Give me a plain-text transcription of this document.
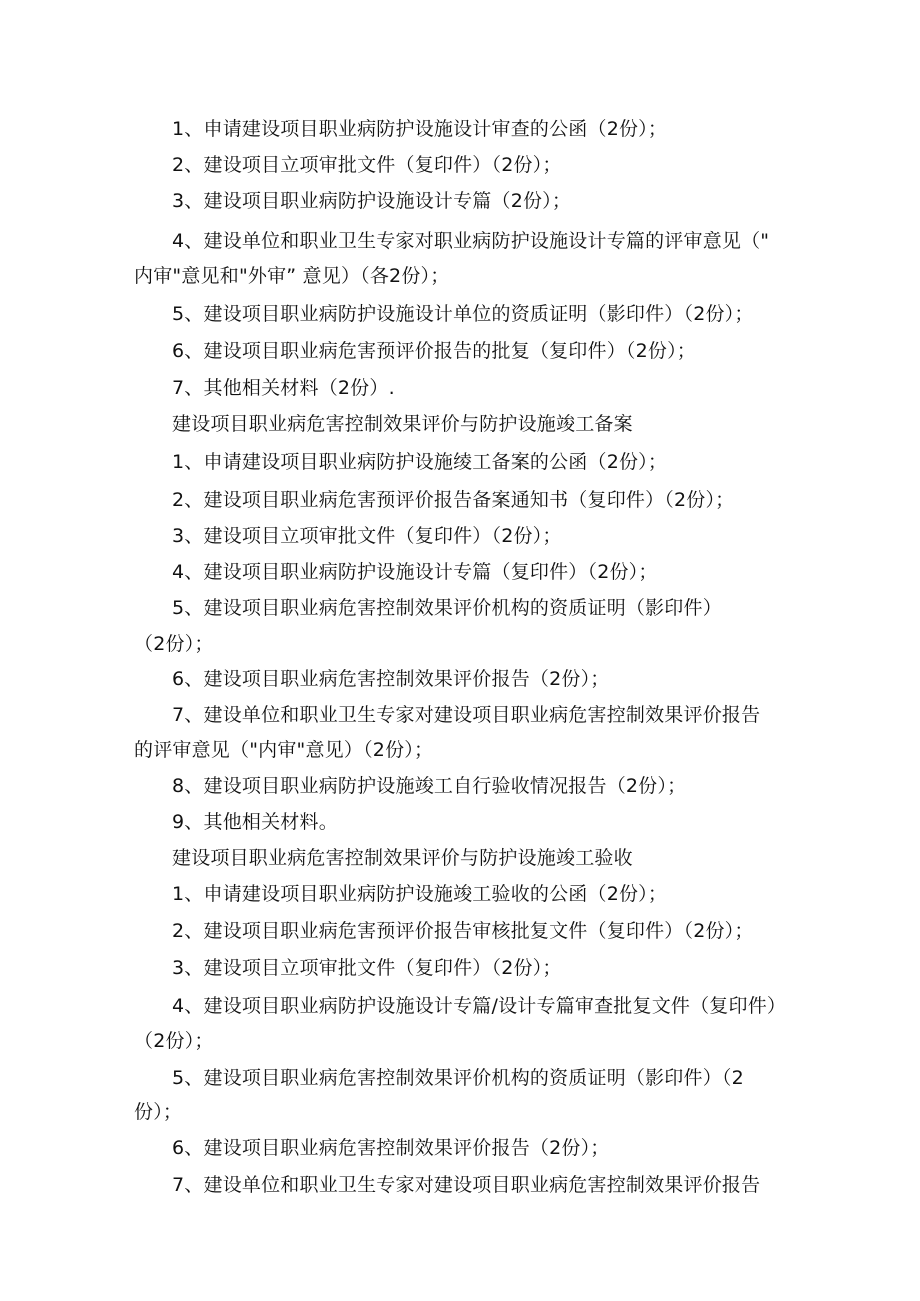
1、申请建设项目职业病防护设施设计审查的公函（2份）；
2、建设项目立项审批文件（复印件）（2份）；
3、建设项目职业病防护设施设计专篇（2份）；
4、建设单位和职业卫生专家对职业病防护设施设计专篇的评审意见（"
内审"意见和"外审” 意见）（各2份）；
5、建设项目职业病防护设施设计单位的资质证明（影印件）（2份）；
6、建设项目职业病危害预评价报告的批复（复印件）（2份）；
7、其他相关材料（2份）.
建设项目职业病危害控制效果评价与防护设施竣工备案
1、申请建设项目职业病防护设施绫工备案的公函（2份）；
2、建设项目职业病危害预评价报告备案通知书（复印件）（2份）；
3、建设项目立项审批文件（复印件）（2份）；
4、建设项目职业病防护设施设计专篇（复印件）（2份）；
5、建设项目职业病危害控制效果评价机构的资质证明（影印件）
（2份）；
6、建设项目职业病危害控制效果评价报告（2份）；
7、建设单位和职业卫生专家对建设项目职业病危害控制效果评价报告
的评审意见（"内审"意见）（2份）；
8、建设项目职业病防护设施竣工自行验收情况报告（2份）；
9、其他相关材料。
建设项目职业病危害控制效果评价与防护设施竣工验收
1、申请建设项目职业病防护设施竣工验收的公函（2份）；
2、建设项目职业病危害预评价报告审核批复文件（复印件）（2份）；
3、建设项目立项审批文件（复印件）（2份）；
4、建设项目职业病防护设施设计专篇/设计专篇审查批复文件（复印件）
（2份）；
5、建设项目职业病危害控制效果评价机构的资质证明（影印件）（2
份）；
6、建设项目职业病危害控制效果评价报告（2份）；
7、建设单位和职业卫生专家对建设项目职业病危害控制效果评价报告
